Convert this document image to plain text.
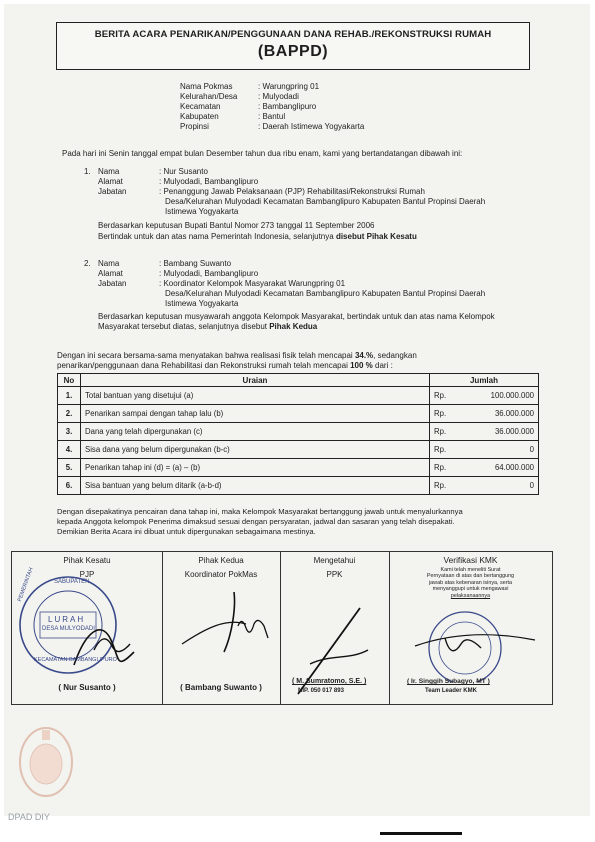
BERITA ACARA PENARIKAN/PENGGUNAAN DANA REHAB./REKONSTRUKSI RUMAH
(BAPPD)
Nama Pokmas	: Warungpring 01
Kelurahan/Desa	: Mulyodadi
Kecamatan	: Bambanglipuro
Kabupaten	: Bantul
Propinsi	: Daerah Istimewa Yogyakarta
Pada hari ini Senin tanggal empat bulan Desember tahun dua ribu enam, kami yang bertandatangan dibawah ini:
1. Nama	: Nur Susanto
Alamat	: Mulyodadi, Bambanglipuro
Jabatan	: Penanggung Jawab Pelaksanaan (PJP) Rehabilitasi/Rekonstruksi Rumah
Desa/Kelurahan Mulyodadi Kecamatan Bambanglipuro Kabupaten Bantul Propinsi Daerah
Istimewa Yogyakarta
Berdasarkan keputusan Bupati Bantul Nomor 273 tanggal 11 September 2006
Bertindak untuk dan atas nama Pemerintah Indonesia, selanjutnya disebut Pihak Kesatu
2. Nama	: Bambang Suwanto
Alamat	: Mulyodadi, Bambanglipuro
Jabatan	: Koordinator Kelompok Masyarakat Warungpring 01
Desa/Kelurahan Mulyodadi Kecamatan Bambanglipuro Kabupaten Bantul Propinsi Daerah
Istimewa Yogyakarta
Berdasarkan keputusan musyawarah anggota Kelompok Masyarakat, bertindak untuk dan atas nama Kelompok
Masyarakat tersebut diatas, selanjutnya disebut Pihak Kedua
Dengan ini secara bersama-sama menyatakan bahwa realisasi fisik telah mencapai 34.%, sedangkan
penarikan/penggunaan dana Rehabilitasi dan Rekonstruksi rumah telah mencapai 100 % dari :
No	Uraian	Jumlah	
1.	Total bantuan yang disetujui (a)	Rp.	100.000.000
2.	Penarikan sampai dengan tahap lalu (b)	Rp.	36.000.000
3.	Dana yang telah dipergunakan (c)	Rp.	36.000.000
4.	Sisa dana yang belum dipergunakan (b-c)	Rp.	0
5.	Penarikan tahap ini (d) = (a) – (b)	Rp.	64.000.000
6.	Sisa bantuan yang belum ditarik (a-b-d)	Rp.	0
Dengan disepakatinya pencairan dana tahap ini, maka Kelompok Masyarakat bertanggung jawab untuk menyalurkannya
kepada Anggota kelompok Penerima dimaksud sesuai dengan persyaratan, jadwal dan sasaran yang telah disepakati.
Demikian Berita Acara ini dibuat untuk dipergunakan sebagaimana mestinya.
Pihak Kesatu
PJP
SABUPATEN
LURAH
DESA MULYODADI
KECAMATAN BAMBANGLIPURO
PEMERINTAH
( Nur Susanto )
Pihak Kedua
Koordinator PokMas
( Bambang Suwanto )
Mengetahui
PPK
( M. Sumratomo, S.E. )
NIP. 050 017 893
Verifikasi KMK
Kami telah meneliti Surat
Pernyataan di atas dan bertanggung
jawab atas kebenaran isinya, serta
menyanggupi untuk mengawasi
pelaksanaannya
( Ir. Singgih Subagyo, MT )
Team Leader KMK
DPAD DIY
